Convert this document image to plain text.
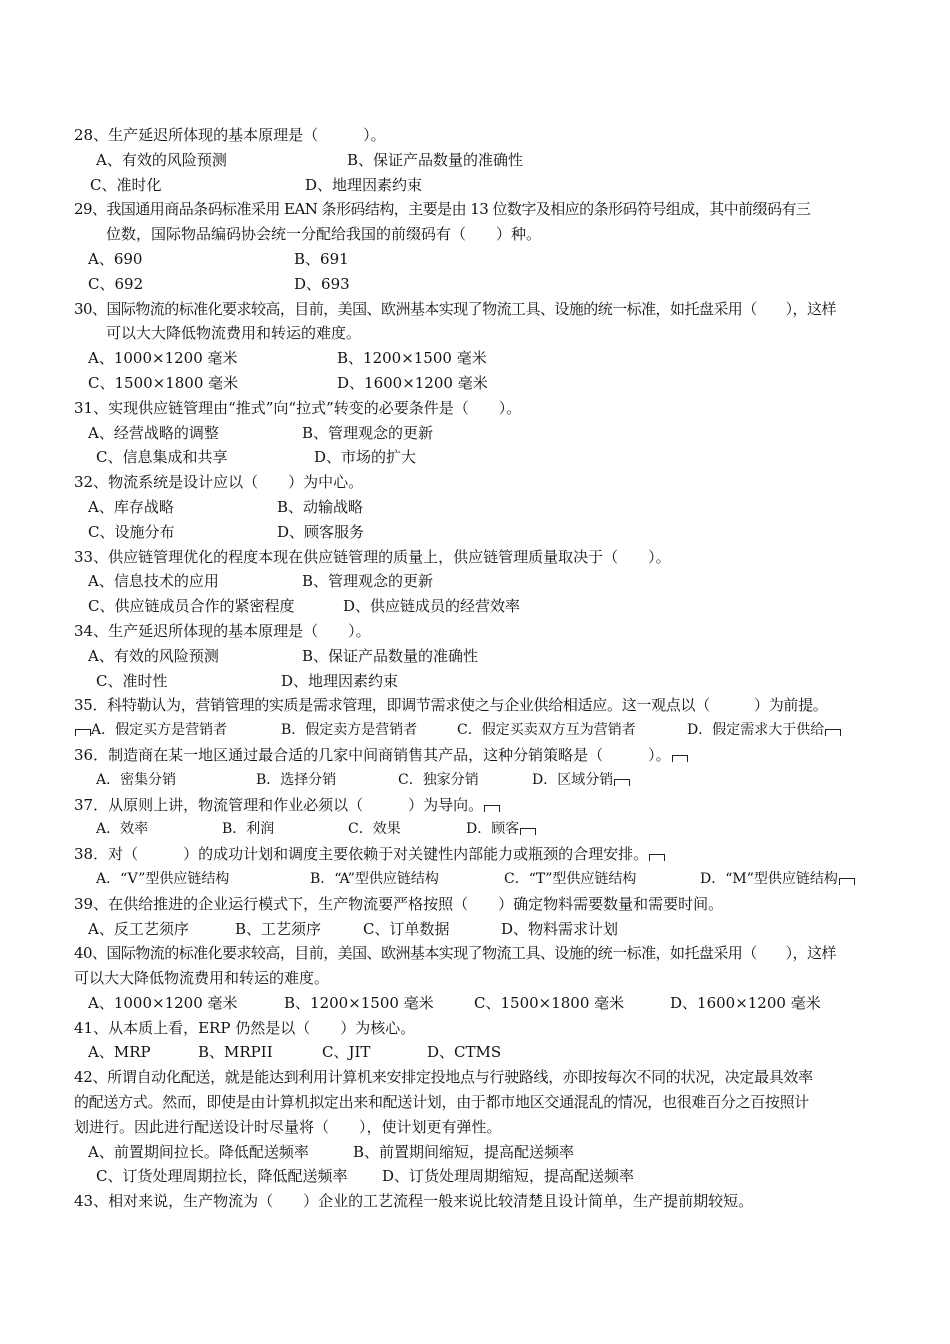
28、生产延迟所体现的基本原理是（　　　）。
A、有效的风险预测	B、保证产品数量的准确性
C、准时化	D、地理因素约束
29、我国通用商品条码标准采用 EAN 条形码结构，主要是由 13 位数字及相应的条形码符号组成，其中前缀码有三
位数，国际物品编码协会统一分配给我国的前缀码有（　　）种。
A、690	B、691
C、692	D、693
30、国际物流的标准化要求较高，目前，美国、欧洲基本实现了物流工具、设施的统一标准，如托盘采用（　　），这样
可以大大降低物流费用和转运的难度。
A、1000×1200 毫米	B、1200×1500 毫米
C、1500×1800 毫米	D、1600×1200 毫米
31、实现供应链管理由“推式”向“拉式”转变的必要条件是（　　）。
A、经营战略的调整	B、管理观念的更新
C、信息集成和共享	D、市场的扩大
32、物流系统是设计应以（　　）为中心。
A、库存战略	B、动输战略
C、设施分布	D、顾客服务
33、供应链管理优化的程度本现在供应链管理的质量上，供应链管理质量取决于（　　）。
A、信息技术的应用	B、管理观念的更新
C、供应链成员合作的紧密程度	D、供应链成员的经营效率
34、生产延迟所体现的基本原理是（　　）。
A、有效的风险预测	B、保证产品数量的准确性
C、准时性	D、地理因素约束
35．科特勒认为，营销管理的实质是需求管理，即调节需求使之与企业供给相适应。这一观点以（　　　）为前提。
A．假定买方是营销者	B．假定卖方是营销者	C．假定买卖双方互为营销者	D．假定需求大于供给
36．制造商在某一地区通过最合适的几家中间商销售其产品，这种分销策略是（　　　）。
A．密集分销	B．选择分销	C．独家分销	D．区域分销
37．从原则上讲，物流管理和作业必须以（　　　）为导向。
A．效率	B．利润	C．效果	D．顾客
38．对（　　　）的成功计划和调度主要依赖于对关键性内部能力或瓶颈的合理安排。
A．“V”型供应链结构	B．“A”型供应链结构	C．“T”型供应链结构	D．“M”型供应链结构
39、在供给推进的企业运行模式下，生产物流要严格按照（　　）确定物料需要数量和需要时间。
A、反工艺须序	B、工艺须序	C、订单数据	D、物料需求计划
40、国际物流的标准化要求较高，目前，美国、欧洲基本实现了物流工具、设施的统一标准，如托盘采用（　　），这样
可以大大降低物流费用和转运的难度。
A、1000×1200 毫米	B、1200×1500 毫米	C、1500×1800 毫米	D、1600×1200 毫米
41、从本质上看，ERP 仍然是以（　　）为核心。
A、MRP	B、MRPII	C、JIT	D、CTMS
42、所谓自动化配送，就是能达到利用计算机来安排定投地点与行驶路线，亦即按每次不同的状况，决定最具效率
的配送方式。然而，即使是由计算机拟定出来和配送计划，由于都市地区交通混乱的情况，也很难百分之百按照计
划进行。因此进行配送设计时尽量将（　　），使计划更有弹性。
A、前置期间拉长。降低配送频率	B、前置期间缩短，提高配送频率
C、订货处理周期拉长，降低配送频率 D、订货处理周期缩短，提高配送频率
43、相对来说，生产物流为（　　）企业的工艺流程一般来说比较清楚且设计简单，生产提前期较短。
